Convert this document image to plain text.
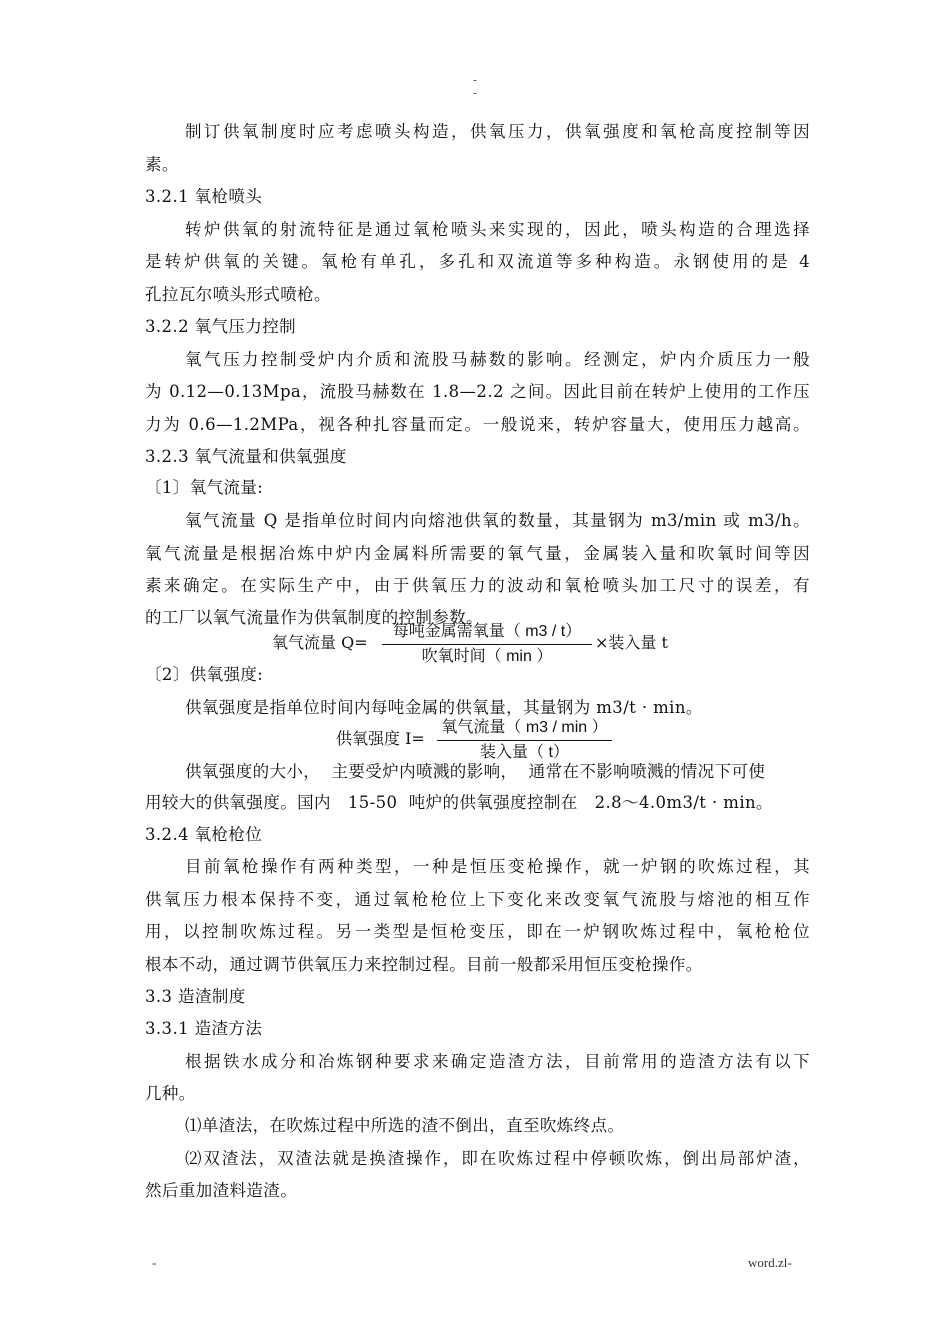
-
-
制订供氧制度时应考虑喷头构造，供氧压力，供氧强度和氧枪高度控制等因
素。
3.2.1 氧枪喷头
转炉供氧的射流特征是通过氧枪喷头来实现的，因此，喷头构造的合理选择
是转炉供氧的关键。氧枪有单孔，多孔和双流道等多种构造。永钢使用的是 4
孔拉瓦尔喷头形式喷枪。
3.2.2 氧气压力控制
氧气压力控制受炉内介质和流股马赫数的影响。经测定，炉内介质压力一般
为 0.12—0.13Mpa，流股马赫数在 1.8—2.2 之间。因此目前在转炉上使用的工作压
力为 0.6—1.2MPa，视各种扎容量而定。一般说来，转炉容量大，使用压力越高。
3.2.3 氧气流量和供氧强度
〔1〕氧气流量:
氧气流量 Q 是指单位时间内向熔池供氧的数量，其量钢为 m3/min 或 m3/h。
氧气流量是根据冶炼中炉内金属料所需要的氧气量，金属装入量和吹氧时间等因
素来确定。在实际生产中，由于供氧压力的波动和氧枪喷头加工尺寸的误差，有
的工厂以氧气流量作为供氧制度的控制参数。
氧气流量 Q=
每吨金属需氧量（ m3 / t）
吹氧时间（ min ）
×装入量 t
〔2〕供氧强度:
供氧强度是指单位时间内每吨金属的供氧量，其量钢为 m3/t · min。
供氧强度 I=
氧气流量（ m3 / min ）
装入量（ t）
供氧强度的大小，  主要受炉内喷溅的影响，  通常在不影响喷溅的情况下可使
用较大的供氧强度。国内   15-50  吨炉的供氧强度控制在   2.8～4.0m3/t · min。
3.2.4 氧枪枪位
目前氧枪操作有两种类型，一种是恒压变枪操作，就一炉钢的吹炼过程，其
供氧压力根本保持不变，通过氧枪枪位上下变化来改变氧气流股与熔池的相互作
用，以控制吹炼过程。另一类型是恒枪变压，即在一炉钢吹炼过程中，氧枪枪位
根本不动，通过调节供氧压力来控制过程。目前一般都采用恒压变枪操作。
3.3 造渣制度
3.3.1 造渣方法
根据铁水成分和冶炼钢种要求来确定造渣方法，目前常用的造渣方法有以下
几种。
⑴单渣法，在吹炼过程中所选的渣不倒出，直至吹炼终点。
⑵双渣法，双渣法就是换渣操作，即在吹炼过程中停顿吹炼，倒出局部炉渣，
然后重加渣料造渣。
-	word.zl-
